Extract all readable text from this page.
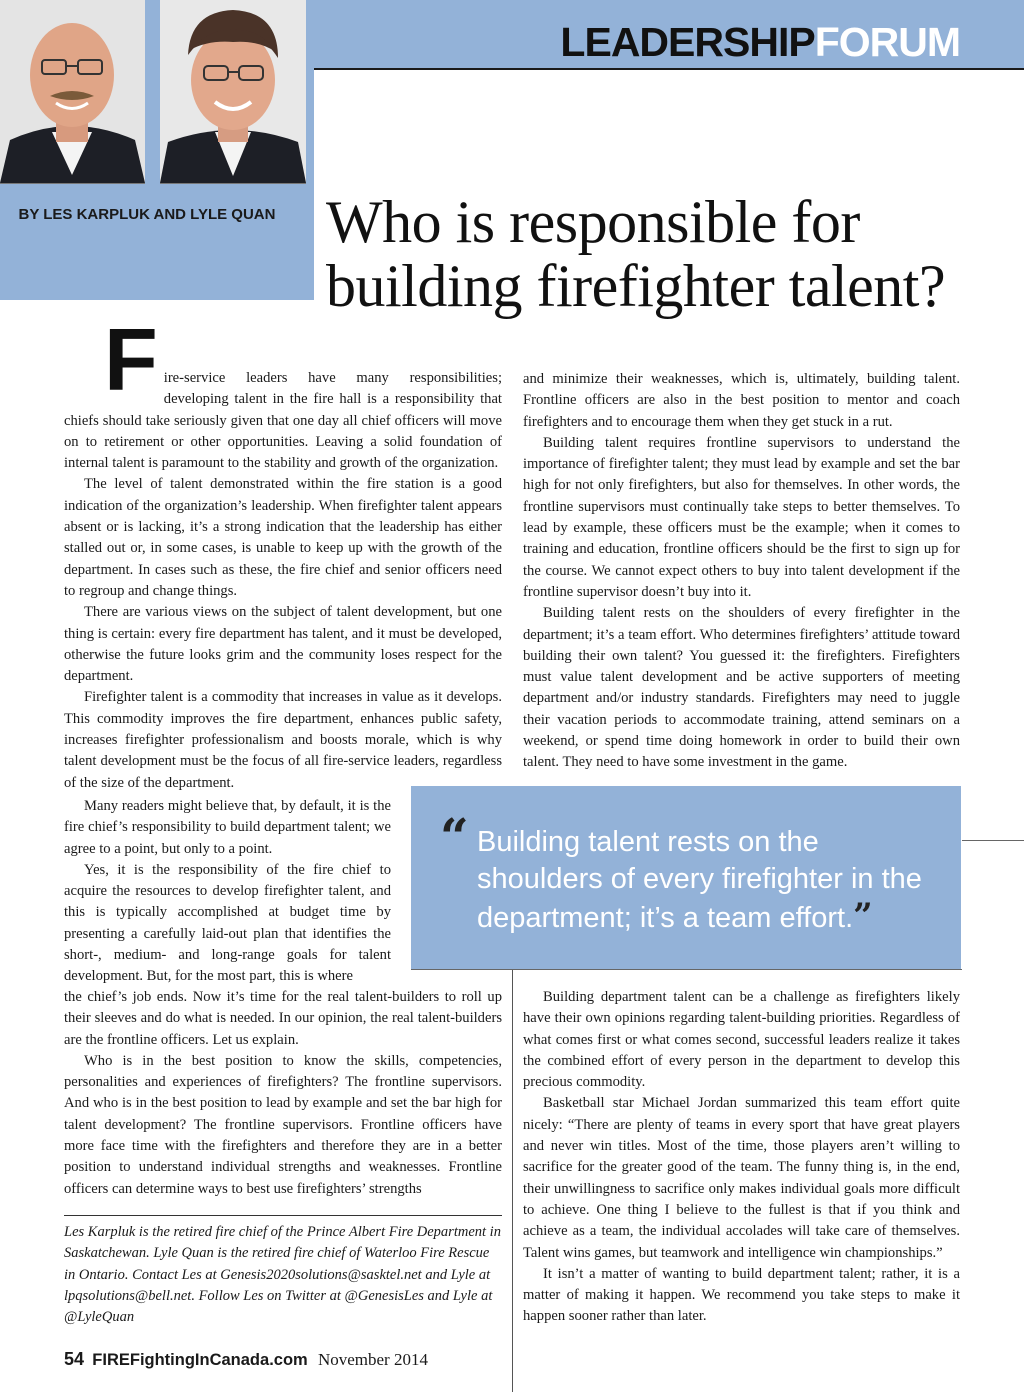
LEADERSHIPFORUM
BY LES KARPLUK AND LYLE QUAN Who is responsible for building firefighter talent?
F ire-service leaders have many responsibilities; developing talent in the fire hall is a responsibility that chiefs should take seriously given that one day all chief officers will move on to retirement or other opportunities. Leaving a solid foundation of internal talent is paramount to the stability and growth of the organization.

The level of talent demonstrated within the fire station is a good indication of the organization’s leadership. When firefighter talent appears absent or is lacking, it’s a strong indication that the leadership has either stalled out or, in some cases, is unable to keep up with the growth of the department. In cases such as these, the fire chief and senior officers need to regroup and change things.

There are various views on the subject of talent development, but one thing is certain: every fire department has talent, and it must be developed, otherwise the future looks grim and the community loses respect for the department.

Firefighter talent is a commodity that increases in value as it develops. This commodity improves the fire department, enhances public safety, increases firefighter professionalism and boosts morale, which is why talent development must be the focus of all fire-service leaders, regardless of the size of the department.

Many readers might believe that, by default, it is the fire chief’s responsibility to build department talent; we agree to a point, but only to a point.

Yes, it is the responsibility of the fire chief to acquire the resources to develop firefighter talent, and this is typically accomplished at budget time by presenting a carefully laid-out plan that identifies the short-, medium- and long-range goals for talent development. But, for the most part, this is where

the chief’s job ends. Now it’s time for the real talent-builders to roll up their sleeves and do what is needed. In our opinion, the real talent-builders are the frontline officers. Let us explain.

Who is in the best position to know the skills, competencies, personalities and experiences of firefighters? The frontline supervisors. And who is in the best position to lead by example and set the bar high for talent development? The frontline supervisors. Frontline officers have more face time with the firefighters and therefore they are in a better position to understand individual strengths and weaknesses. Frontline officers can determine ways to best use firefighters’ strengths

and minimize their weaknesses, which is, ultimately, building talent. Frontline officers are also in the best position to mentor and coach firefighters and to encourage them when they get stuck in a rut.

Building talent requires frontline supervisors to understand the importance of firefighter talent; they must lead by example and set the bar high for not only firefighters, but also for themselves. In other words, the frontline supervisors must continually take steps to better themselves. To lead by example, these officers must be the example; when it comes to training and education, frontline officers should be the first to sign up for the course. We cannot expect others to buy into talent development if the frontline supervisor doesn’t buy into it.

Building talent rests on the shoulders of every firefighter in the department; it’s a team effort. Who determines firefighters’ attitude toward building their own talent? You guessed it: the firefighters. Firefighters must value talent development and be active supporters of meeting department and/or industry standards. Firefighters may need to juggle their vacation periods to accommodate training, attend seminars on a weekend, or spend time doing homework in order to build their own talent. They need to have some investment in the game.

“ Building talent rests on the shoulders of every firefighter in the department; it’s a team effort.”

Building department talent can be a challenge as firefighters likely have their own opinions regarding talent-building priorities. Regardless of what comes first or what comes second, successful leaders realize it takes the combined effort of every person in the department to develop this precious commodity.

Basketball star Michael Jordan summarized this team effort quite nicely: “There are plenty of teams in every sport that have great players and never win titles. Most of the time, those players aren’t willing to sacrifice for the greater good of the team. The funny thing is, in the end, their unwillingness to sacrifice only makes individual goals more difficult to achieve. One thing I believe to the fullest is that if you think and achieve as a team, the individual accolades will take care of themselves. Talent wins games, but teamwork and intelligence win championships.”

It isn’t a matter of wanting to build department talent; rather, it is a matter of making it happen. We recommend you take steps to make it happen sooner rather than later.

Les Karpluk is the retired fire chief of the Prince Albert Fire Department in Saskatchewan. Lyle Quan is the retired fire chief of Waterloo Fire Rescue in Ontario. Contact Les at Genesis2020solutions@sasktel.net and Lyle at lpqsolutions@bell.net. Follow Les on Twitter at @GenesisLes and Lyle at @LyleQuan
54 FIREFightingInCanada.com November 2014
